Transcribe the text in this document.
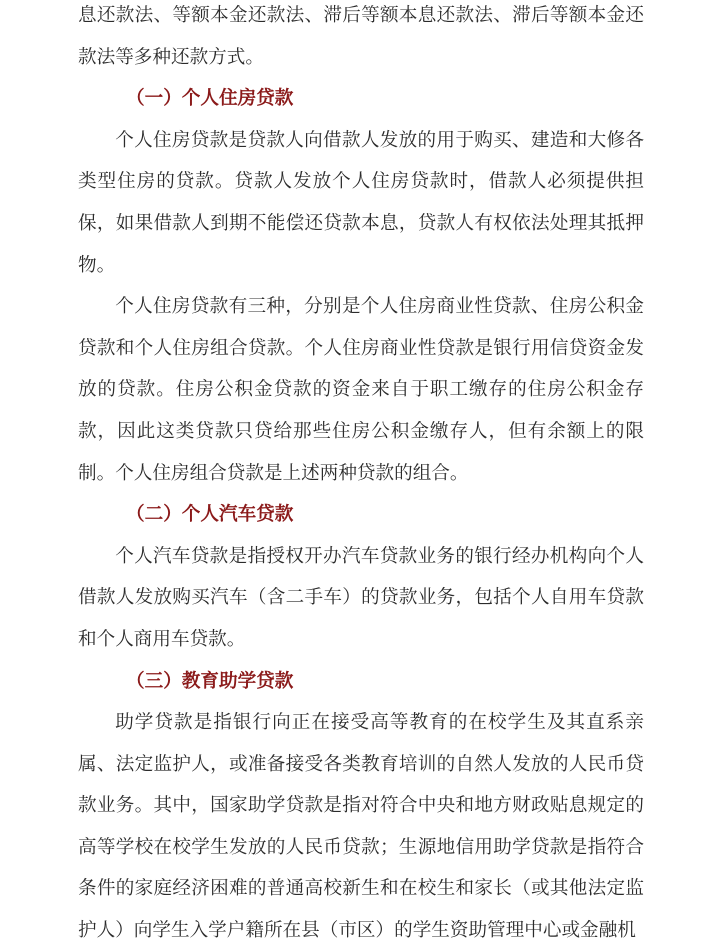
息还款法、等额本金还款法、滞后等额本息还款法、滞后等额本金还款法等多种还款方式。

（一）个人住房贷款

个人住房贷款是贷款人向借款人发放的用于购买、建造和大修各类型住房的贷款。贷款人发放个人住房贷款时，借款人必须提供担保，如果借款人到期不能偿还贷款本息，贷款人有权依法处理其抵押物。

个人住房贷款有三种，分别是个人住房商业性贷款、住房公积金贷款和个人住房组合贷款。个人住房商业性贷款是银行用信贷资金发放的贷款。住房公积金贷款的资金来自于职工缴存的住房公积金存款，因此这类贷款只贷给那些住房公积金缴存人，但有余额上的限制。个人住房组合贷款是上述两种贷款的组合。

（二）个人汽车贷款

个人汽车贷款是指授权开办汽车贷款业务的银行经办机构向个人借款人发放购买汽车（含二手车）的贷款业务，包括个人自用车贷款和个人商用车贷款。

（三）教育助学贷款

助学贷款是指银行向正在接受高等教育的在校学生及其直系亲属、法定监护人，或准备接受各类教育培训的自然人发放的人民币贷款业务。其中，国家助学贷款是指对符合中央和地方财政贴息规定的高等学校在校学生发放的人民币贷款；生源地信用助学贷款是指符合条件的家庭经济困难的普通高校新生和在校生和家长（或其他法定监护人）向学生入学户籍所在县（市区）的学生资助管理中心或金融机
